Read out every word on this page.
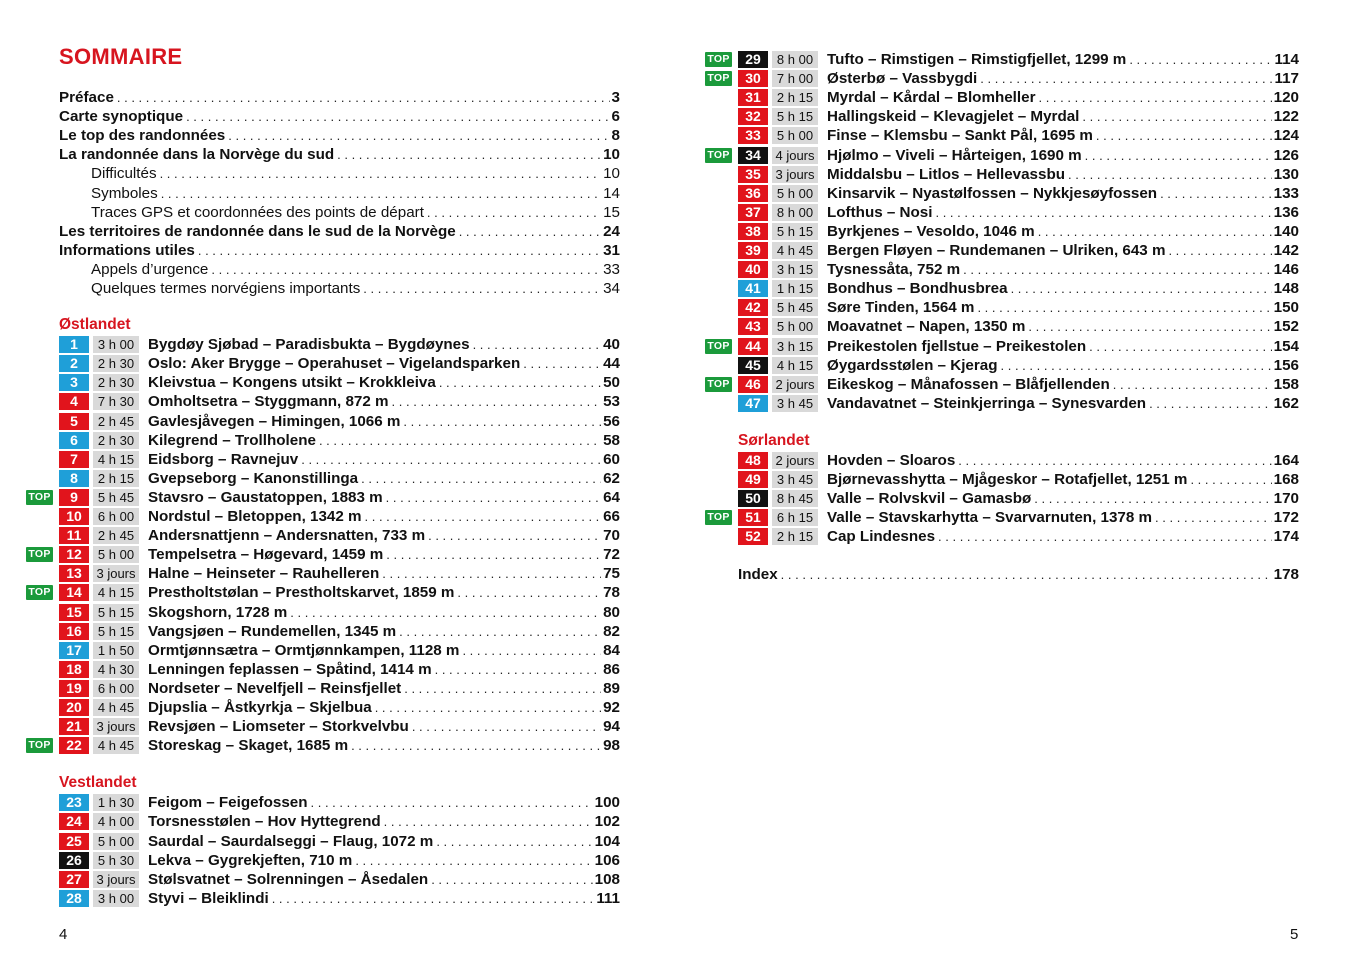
SOMMAIRE
Préface . . .	3
Carte synoptique . . .	6
Le top des randonnées . . .	8
La randonnée dans la Norvège du sud . . .	10
Difficultés . . .	10
Symboles . . .	14
Traces GPS et coordonnées des points de départ . . .	15
Les territoires de randonnée dans le sud de la Norvège . . .	24
Informations utiles . . .	31
Appels d’urgence . . .	33
Quelques termes norvégiens importants . . .	34
Østlandet
1	3 h 00 Bygdøy Sjøbad – Paradisbukta – Bygdøynes . . .	40
2	2 h 30 Oslo: Aker Brygge – Operahuset – Vigelandsparken . . .	44
3	2 h 30 Kleivstua – Kongens utsikt – Krokkleiva . . .	50
4	7 h 30 Omholtsetra – Styggmann, 872 m . . .	53
5	2 h 45 Gavlesjåvegen – Himingen, 1066 m . . .	56
6	2 h 30 Kilegrend – Trollholene . . .	58
7	4 h 15 Eidsborg – Ravnejuv . . .	60
8	2 h 15 Gvepseborg – Kanonstillinga . . .	62
TOP	9	5 h 45 Stavsro – Gaustatoppen, 1883 m . . .	64
10	6 h 00 Nordstul – Bletoppen, 1342 m . . .	66
11	2 h 45 Andersnattjenn – Andersnatten, 733 m . . .	70
TOP	12	5 h 00 Tempelsetra – Høgevard, 1459 m . . .	72
13	3 jours Halne – Heinseter – Rauhelleren . . .	75
TOP	14	4 h 15 Prestholtstølan – Prestholtskarvet, 1859 m . . .	78
15	5 h 15 Skogshorn, 1728 m . . .	80
16	5 h 15 Vangsjøen – Rundemellen, 1345 m . . .	82
17	1 h 50 Ormtjønnsætra – Ormtjønnkampen, 1128 m . . .	84
18	4 h 30 Lenningen feplassen – Spåtind, 1414 m . . .	86
19	6 h 00 Nordseter – Nevelfjell – Reinsfjellet . . .	89
20	4 h 45 Djupslia – Åstkyrkja – Skjelbua . . .	92
21	3 jours Revsjøen – Liomseter – Storkvelvbu . . .	94
TOP	22	4 h 45 Storeskag – Skaget, 1685 m . . .	98
Vestlandet
23	1 h 30 Feigom – Feigefossen . . .	100
24	4 h 00 Torsnesstølen – Hov Hyttegrend . . .	102
25	5 h 00 Saurdal – Saurdalseggi – Flaug, 1072 m . . .	104
26	5 h 30 Lekva – Gygrekjeften, 710 m . . .	106
27	3 jours Stølsvatnet – Solrenningen – Åsedalen . . .	108
28	3 h 00 Styvi – Bleiklindi . . .	111
4
TOP	29	8 h 00 Tufto – Rimstigen – Rimstigfjellet, 1299 m . . .	114
TOP	30	7 h 00 Østerbø – Vassbygdi . . .	117
31	2 h 15 Myrdal – Kårdal – Blomheller . . .	120
32	5 h 15 Hallingskeid – Klevagjelet – Myrdal . . .	122
33	5 h 00 Finse – Klemsbu – Sankt Pål, 1695 m . . .	124
TOP	34	4 jours Hjølmo – Viveli – Hårteigen, 1690 m . . .	126
35	3 jours Middalsbu – Litlos – Hellevassbu . . .	130
36	5 h 00 Kinsarvik – Nyastølfossen – Nykkjesøyfossen . . .	133
37	8 h 00 Lofthus – Nosi . . .	136
38	5 h 15 Byrkjenes – Vesoldo, 1046 m . . .	140
39	4 h 45 Bergen Fløyen – Rundemanen – Ulriken, 643 m . . .	142
40	3 h 15 Tysnessåta, 752 m . . .	146
41	1 h 15 Bondhus – Bondhusbrea . . .	148
42	5 h 45 Søre Tinden, 1564 m . . .	150
43	5 h 00 Moavatnet – Napen, 1350 m . . .	152
TOP	44	3 h 15 Preikestolen fjellstue – Preikestolen . . .	154
45	4 h 15 Øygardsstølen – Kjerag . . .	156
TOP	46	2 jours Eikeskog – Månafossen – Blåfjellenden . . .	158
47	3 h 45 Vandavatnet – Steinkjerringa – Synesvarden . . .	162
Sørlandet
48	2 jours Hovden – Sloaros . . .	164
49	3 h 45 Bjørnevasshytta – Mjågeskor – Rotafjellet, 1251 m . . .	168
50	8 h 45 Valle – Rolvskvil – Gamasbø . . .	170
TOP	51	6 h 15 Valle – Stavskarhytta – Svarvarnuten, 1378 m . . .	172
52	2 h 15 Cap Lindesnes . . .	174
Index . . .	178
5
